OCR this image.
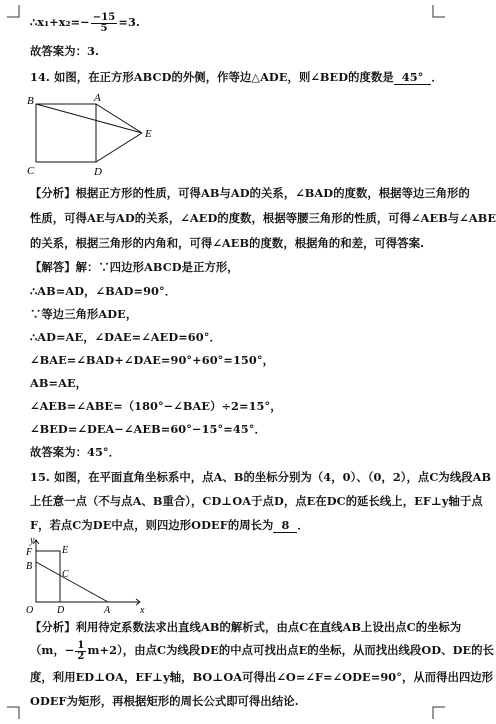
∴x₁+x₂=− $\frac{-15}{5} =3$.
故答案为：3.
14. 如图，在正方形ABCD的外侧，作等边△ADE，则∠BED的度数是 45° ．
B	A
E
C	D
【分析】根据正方形的性质，可得AB与AD的关系，∠BAD的度数，根据等边三角形的
性质，可得AE与AD的关系，∠AED的度数，根据等腰三角形的性质，可得∠AEB与∠ABE
的关系，根据三角形的内角和，可得∠AEB的度数，根据角的和差，可得答案.
【解答】解：∵四边形ABCD是正方形，
∴AB=AD，∠BAD=90°．
∵等边三角形ADE，
∴AD=AE，∠DAE=∠AED=60°．
∠BAE=∠BAD+∠DAE=90°+60°=150°，
AB=AE，
∠AEB=∠ABE=（180°−∠BAE）÷2=15°，
∠BED=∠DEA−∠AEB=60°−15°=45°．
故答案为：45°．
15. 如图，在平面直角坐标系中，点A、B的坐标分别为（4，0）、（0，2），点C为线段AB
上任意一点（不与点A、B重合），CD⊥OA于点D，点E在DC的延长线上，EF⊥y轴于点
F，若点C为DE中点，则四边形ODEF的周长为 8 ．
y
F	E
B
C
O D	A	x
【分析】利用待定系数法求出直线AB的解析式，由点C在直线AB上设出点C的坐标为
（m，− $\frac{1}{2} m+2$），由点C为线段DE的中点可找出点E的坐标，从而找出线段OD、DE的长
度，利用ED⊥OA，EF⊥y轴，BO⊥OA可得出∠O=∠F=∠ODE=90°，从而得出四边形
ODEF为矩形，再根据矩形的周长公式即可得出结论.
